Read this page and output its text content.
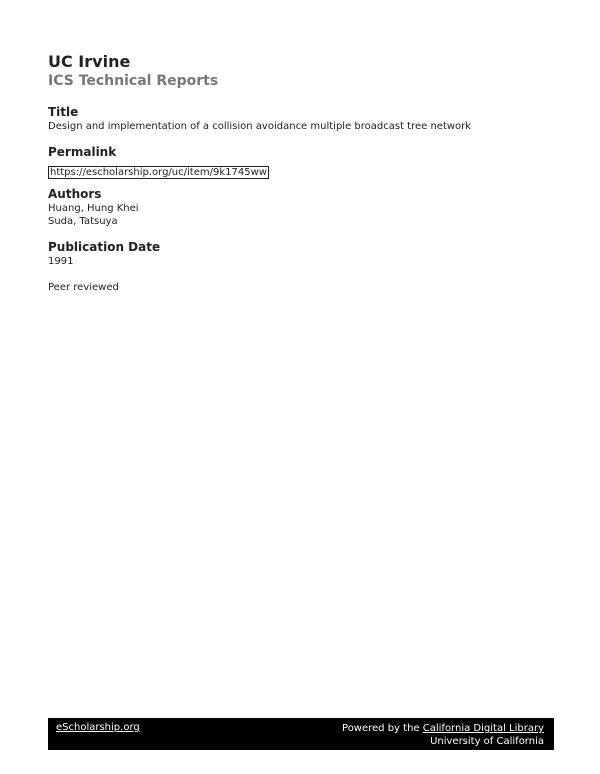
UC Irvine
ICS Technical Reports
Title
Design and implementation of a collision avoidance multiple broadcast tree network
Permalink
https://escholarship.org/uc/item/9k1745ww
Authors
Huang, Hung Khei
Suda, Tatsuya
Publication Date
1991
Peer reviewed
eScholarship.org	Powered by the California Digital Library
University of California
